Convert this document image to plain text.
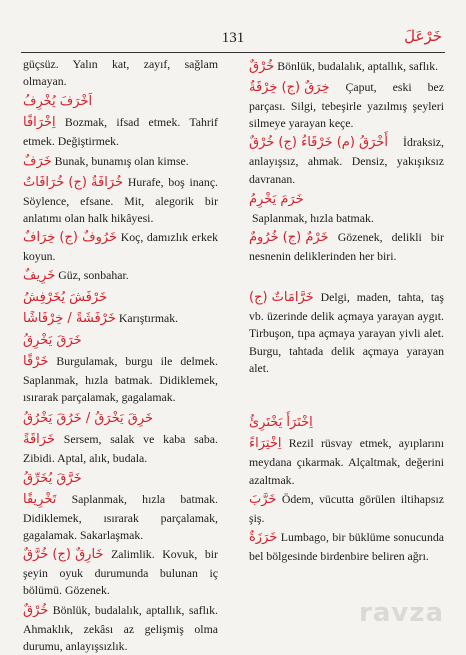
خَرْعَلَ
131
güçsüz. Yalın kat, zayıf, sağlam olmayan.
اَخْرَفَ يُخْرِفُ
اِخْرَافًا Bozmak, ifsad etmek. Tahrif etmek. Değiştirmek.
خَرَفٌ Bunak, bunamış olan kimse.
خُرَافَةٌ (ج) خُرَافَاتٌ Hurafe, boş inanç. Söylence, efsane. Mit, alegorik bir anlatımı olan halk hikâyesi.
خَرُوفٌ (ج) خِرَافٌ Koç, damızlık erkek koyun.
خَرِيفٌ Güz, sonbahar.
خَرْفَشَ يُخَرْفِشُ
خَرْفَشَةً / خِرْفَاشًا Karıştırmak.
خَرَقَ يَخْرِقُ
خَرْقًا Burgulamak, burgu ile delmek. Saplanmak, hızla batmak. Didiklemek, ısırarak parçalamak, gagalamak.
خَرِقَ يَخْرَقُ / خَرُقَ يَخْرُقُ
خَرَاقَةً Sersem, salak ve kaba saba. Zibidi. Aptal, alık, budala.
خَرَّقَ يُخَرِّقُ
تَخْرِيقًا Saplanmak, hızla batmak. Didiklemek, ısırarak parçalamak, gagalamak. Sakarlaşmak.
خَارِقٌ (ج) خُرَّقٌ Zalimlik. Kovuk, bir şeyin oyuk durumunda bulunan iç bölümü. Gözenek.
خُرْقٌ Bönlük, budalalık, aptallık, saflık. Ahmaklık, zekâsı az gelişmiş olma durumu, anlayışsızlık.
خُرْقٌ Bönlük, budalalık, aptallık, saflık.
خِرَقٌ (ج) خِرْقَةٌ Çaput, eski bez parçası. Silgi, tebeşirle yazılmış şeyleri silmeye yarayan keçe.
أَخْرَقُ (م) خَرْقَاءُ (ج) خُرْقٌ İdraksiz, anlayışsız, ahmak. Densiz, yakışıksız davranan.
خَرَمَ يَخْرِمُ
Saplanmak, hızla batmak.
خَرْمٌ (ج) خُرُومٌ Gözenek, delikli bir nesnenin deliklerinden her biri.
خَرَّامَاتٌ (ج) Delgi, maden, tahta, taş vb. üzerinde delik açmaya yarayan aygıt. Tirbuşon, tıpa açmaya yarayan yivli alet. Burgu, tahtada delik açmaya yarayan alet.
اِخْتَرَأَ يَخْتَرِئُ
اِخْتِرَاءً Rezil rüsvay etmek, ayıplarını meydana çıkarmak. Alçaltmak, değerini azaltmak.
خَرَّبَ Ödem, vücutta görülen iltihapsız şiş.
خَرَزَةٌ Lumbago, bir büklüme sonucunda bel bölgesinde birdenbire beliren ağrı.
ravza
